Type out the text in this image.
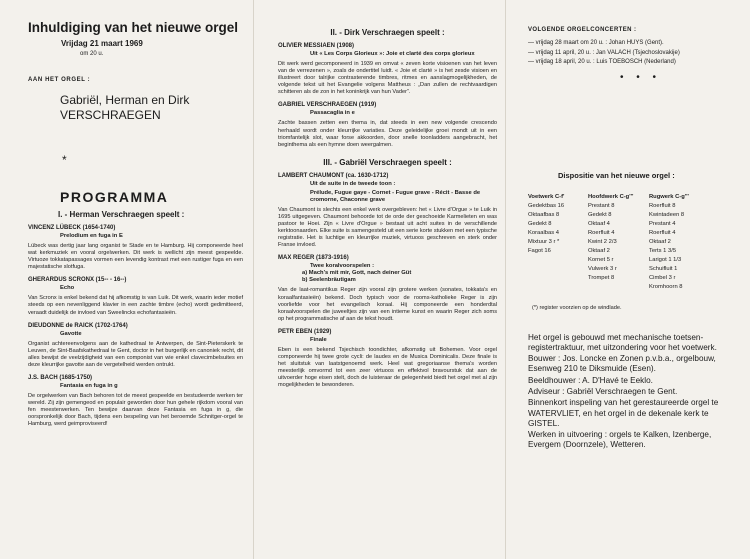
Inhuldiging van het nieuwe orgel
Vrijdag 21 maart 1969
om 20 u.
AAN HET ORGEL :
Gabriël, Herman en Dirk
VERSCHRAEGEN
*
PROGRAMMA
I. - Herman Verschraegen speelt :
VINCENZ LÜBECK (1654-1740)
Prelodium en fuga in E
Lübeck was dertig jaar lang organist te Stade en te Hamburg. Hij componeerde heel wat kerkmuziek en vooral orgelwerken. Dit werk is wellicht zijn meest gespeelde. Virtuoze tokkatapassages vormen een levendig kontrast met een rustiger fuga en een majestatische slotfuga.
GHERARDUS SCRONX (15-- - 16--)
Echo
Van Scronx is enkel bekend dat hij afkomstig is van Luik. Dit werk, waarin ieder motief steeds op een nevenliggend klavier in een zachte timbre (echo) wordt gedimitteerd, veraadt duidelijk de invloed van Sweelincks echofantasieën.
DIEUDONNE de RAICK (1702-1764)
Gavotte
Organist achtereenvolgens aan de kathedraal te Antwerpen, de Sint-Pieterskerk te Leuven, de Sint-Baafskathedraal te Gent, doctor in het burgerlijk en canoniek recht, dit alles bewijst de veelzijdigheid van een componist van wie enkel clavecimbelsuites en deze kleurrijke gavotte aan de vergetelheid werden ontrukt.
J.S. BACH (1685-1750)
Fantasia en fuga in g
De orgelwerken van Bach behoren tot de meest gespeelde en bestudeerde werken ter wereld. Zij zijn gemengeod en populair geworden door hun gehele rijkdom vooral van fen meesterwerken. Ten bewijze daarvan deze Fantasia en fuga in g, die oorspronkelijk door Bach, tijdens een bespeling van het beroemde Schnitger-orgel te Hamburg, werd geimproviseerd!
II. - Dirk Verschraegen speelt :
OLIVIER MESSIAEN (1908)
Uit « Les Corps Glorieux »: Joie et clarté des corps glorieux
Dit werk werd gecomponeerd in 1939 en omvat « zeven korte visioenen van het leven van de verrezenen », zoals de ondertitel luidt. « Joie et clarté » is het zesde visioen en illustreert door talrijke contrasterende timbres, ritmes en aanslagmogelijkheden, de volgende tekst uit het Evangelie volgens Mattheus : „Dan zullen de rechtvaardigen schitteren als de zon in het koninkrijk van hun Vader”.
GABRIEL VERSCHRAEGEN (1919)
Passacaglia in e
Zachte bassen zetten een thema in, dat steeds in een new volgende crescendo herhaald wordt onder kleurrijke variaties. Deze geleidelijke groei mondt uit in een triomfantelijk slot, waar forse akkoorden, door snelle toonladders aangebracht, het beginthema als een hymne doen weergalmen.
III. - Gabriël Verschraegen speelt :
LAMBERT CHAUMONT (ca. 1630-1712)
Uit de suite in de tweede toon :
Prélude, Fugue gaye - Cornet - Fugue grave - Récit - Basse de cromorne, Chaconne grave
Van Chaumont is slechts een enkel werk overgebleven: het « Livre d'Orgue » te Luik in 1695 uitgegeven. Chaumont behoorde tot de orde der geschoeide Karmelieten en was pastoor te Hoei. Zijn « Livre d'Orgue » bestaat uit acht suites in de verschillende kerktoonaarden. Elke suite is samengesteld uit een serie korte stukken met een typische registratie. Het is luchtige en kleurrijke muziek, virtuoos geschreven en sterk onder Franse invloed.
MAX REGER (1873-1916)
Twee koralvoorspelen :
a) Mach's mit mir, Gott, nach deiner Güt
b) Seelenbräutigam
Van de laat-romantikus Reger zijn vooral zijn grotere werken (sonates, tokkata's en koraalfantasieën) bekend. Doch typisch voor de rooms-katholieke Reger is zijn voorliefde voor het evangelisch koraal. Hij componeerde een honderdtal koraalvoorspelen die juweeltjes zijn van een intieme kunst en waarin Reger zich soms op het programmatische af aan de tekst houdt.
PETR EBEN (1929)
Finale
Eben is een bekend Tsjechisch toondichter, afkomstig uit Bohemen. Voor orgel componeerde hij twee grote cycli: de laudes en de Musica Dominicalis. Deze finale is het sluitstuk van laatstgenoemd werk. Heel wat gregoriaanse thema's worden meesterlijk omvormd tot een zeer virtuoos en effektvol bravourstuk dat aan de uitvoerder hoge eisen stelt, doch de luisteraar de gelegenheid biedt het orgel met al zijn mogelijkheden te bewonderen.
VOLGENDE ORGELCONCERTEN :
— vrijdag 28 maart om 20 u. : Johan HUYS (Gent).
— vrijdag 11 april, 20 u. : Jan VALACH (Tsjechoslovakije)
— vrijdag 18 april, 20 u. : Luis TOEBOSCH (Nederland)
• • •
Dispositie van het nieuwe orgel :
Voetwerk C-f'
Gedektbas 16
Oktaafbas 8
Gedekt 8
Koraalbas 4
Mixtuur 3 r *
Fagot 16
Hoofdwerk C-g'''
Prestant 8
Gedekt 8
Oktaaf 4
Roerfluit 4
Kwint 2 2/3
Oktaaf 2
Kornet 5 r
Vulwerk 3 r
Trompet 8
Rugwerk C-g'''
Roerfluit 8
Kwintadeen 8
Prestant 4
Roerfluit 4
Oktaaf 2
Terts 1 3/5
Larigot 1 1/3
Schuifluit 1
Cimbel 3 r
Kromhoorn 8
(*) register voorzien op de windlade.

Het orgel is gebouwd met mechanische toetsen-registertraktuur, met uitzondering voor het voetwerk.

Bouwer : Jos. Loncke en Zonen p.v.b.a., orgelbouw, Esenweg 210 te Diksmuide (Esen).

Beeldhouwer : A. D'Havé te Eeklo.

Adviseur : Gabriël Verschraegen te Gent.

Binnenkort inspeling van het gerestaureerde orgel te WATERVLIET, en het orgel in de dekenale kerk te GISTEL.

Werken in uitvoering : orgels te Kalken, Izenberge, Evergem (Doornzele), Wetteren.
